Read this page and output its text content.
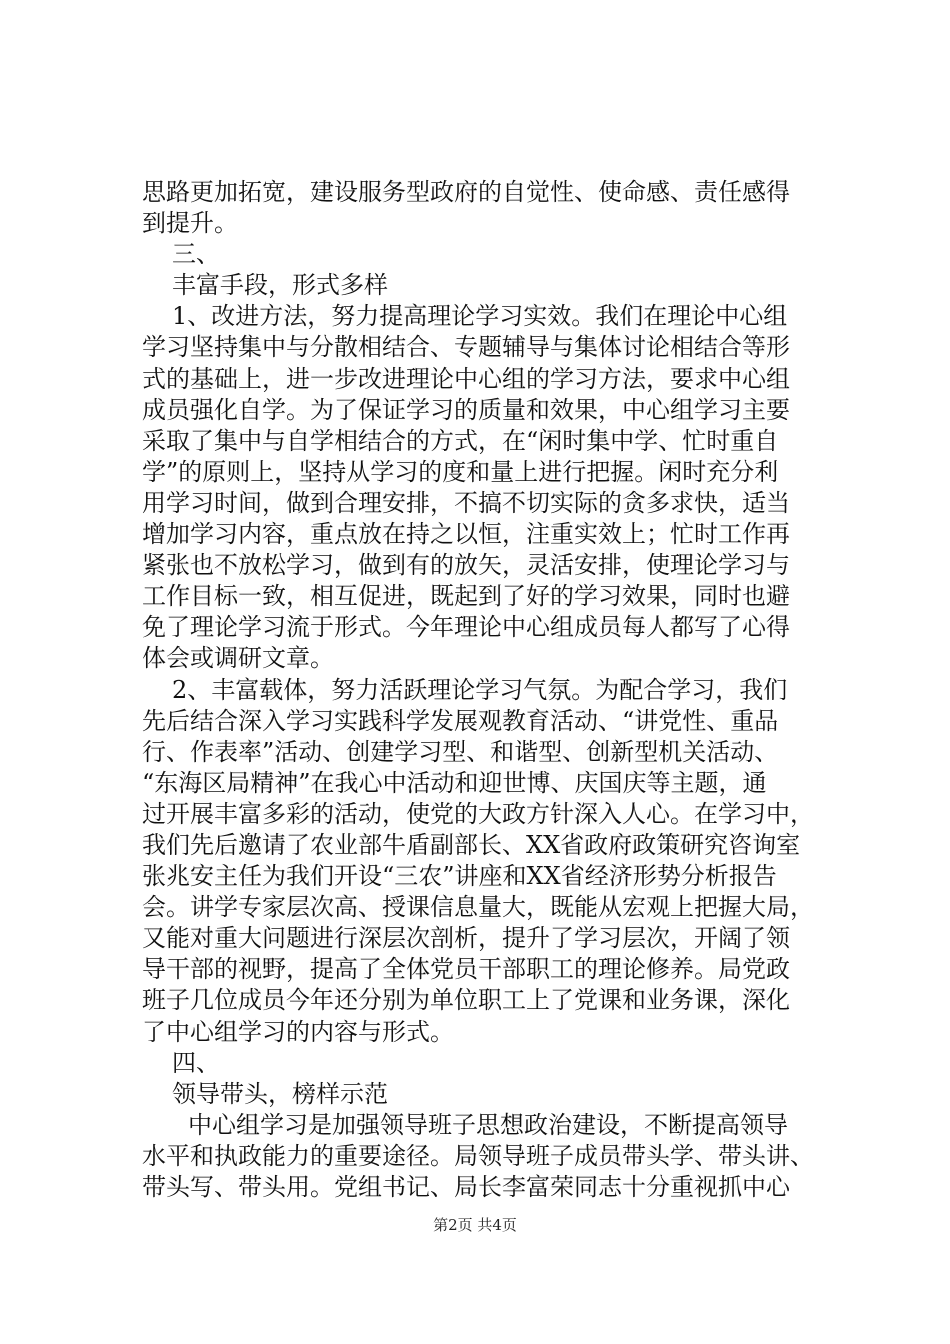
思路更加拓宽，建设服务型政府的自觉性、使命感、责任感得
到提升。
三、
丰富手段，形式多样
1、改进方法，努力提高理论学习实效。我们在理论中心组
学习坚持集中与分散相结合、专题辅导与集体讨论相结合等形
式的基础上，进一步改进理论中心组的学习方法，要求中心组
成员强化自学。为了保证学习的质量和效果，中心组学习主要
采取了集中与自学相结合的方式，在“闲时集中学、忙时重自
学”的原则上，坚持从学习的度和量上进行把握。闲时充分利
用学习时间，做到合理安排，不搞不切实际的贪多求快，适当
增加学习内容，重点放在持之以恒，注重实效上；忙时工作再
紧张也不放松学习，做到有的放矢，灵活安排，使理论学习与
工作目标一致，相互促进，既起到了好的学习效果，同时也避
免了理论学习流于形式。今年理论中心组成员每人都写了心得
体会或调研文章。
2、丰富载体，努力活跃理论学习气氛。为配合学习，我们
先后结合深入学习实践科学发展观教育活动、“讲党性、重品
行、作表率”活动、创建学习型、和谐型、创新型机关活动、
“东海区局精神”在我心中活动和迎世博、庆国庆等主题，通
过开展丰富多彩的活动，使党的大政方针深入人心。在学习中，
我们先后邀请了农业部牛盾副部长、XX省政府政策研究咨询室
张兆安主任为我们开设“三农”讲座和XX省经济形势分析报告
会。讲学专家层次高、授课信息量大，既能从宏观上把握大局，
又能对重大问题进行深层次剖析，提升了学习层次，开阔了领
导干部的视野，提高了全体党员干部职工的理论修养。局党政
班子几位成员今年还分别为单位职工上了党课和业务课，深化
了中心组学习的内容与形式。
四、
领导带头，榜样示范
中心组学习是加强领导班子思想政治建设，不断提高领导
水平和执政能力的重要途径。局领导班子成员带头学、带头讲、
带头写、带头用。党组书记、局长李富荣同志十分重视抓中心
第2页 共4页
